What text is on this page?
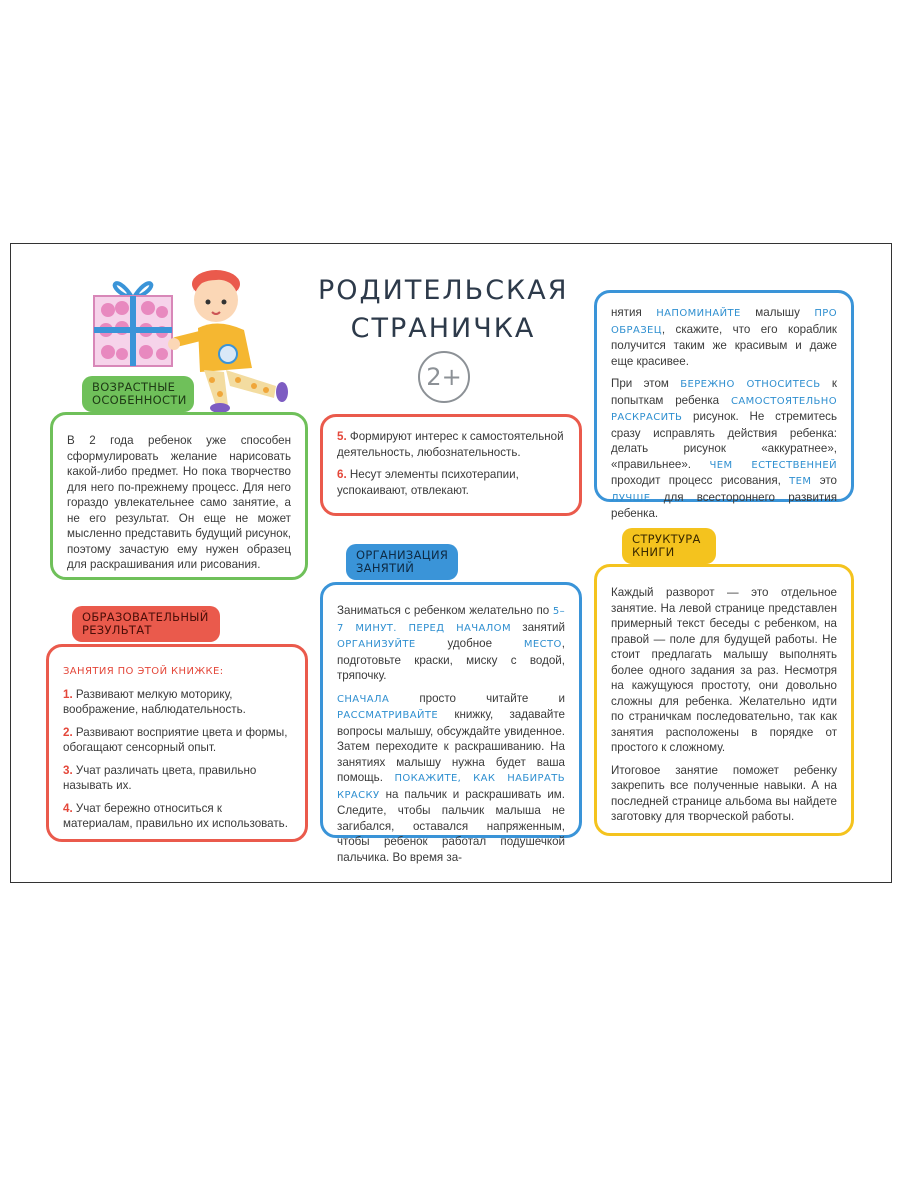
РОДИТЕЛЬСКАЯ
СТРАНИЧКА
2+

В 2 года ребенок уже способен сформулировать желание нарисовать какой-либо предмет. Но пока творчество для него по-прежнему процесс. Для него гораздо увлекательнее само занятие, а не его результат. Он еще не может мысленно представить будущий рисунок, поэтому зачастую ему нужен образец для раскрашивания или рисования.

ВОЗРАСТНЫЕ
ОСОБЕННОСТИ

ЗАНЯТИЯ ПО ЭТОЙ КНИЖКЕ:

1. Развивают мелкую моторику, воображение, наблюдательность.

2. Развивают восприятие цвета и формы, обогащают сенсорный опыт.

3. Учат различать цвета, правильно называть их.

4. Учат бережно относиться к материалам, правильно их использовать.

ОБРАЗОВАТЕЛЬНЫЙ
РЕЗУЛЬТАТ

5. Формируют интерес к самостоятельной деятельность, любознательность.

6. Несут элементы психотерапии, успокаивают, отвлекают.

Заниматься с ребенком желательно по 5–7 МИНУТ. ПЕРЕД НАЧАЛОМ занятий ОРГАНИЗУЙТЕ удобное МЕСТО, подготовьте краски, миску с водой, тряпочку.

СНАЧАЛА просто читайте и РАССМАТРИВАЙТЕ книжку, задавайте вопросы малышу, обсуждайте увиденное. Затем переходите к раскрашиванию. На занятиях малышу нужна будет ваша помощь. ПОКАЖИТЕ, КАК НАБИРАТЬ КРАСКУ на пальчик и раскрашивать им. Следите, чтобы пальчик малыша не загибался, оставался напряженным, чтобы ребенок работал подушечкой пальчика. Во время за-

ОРГАНИЗАЦИЯ
ЗАНЯТИЙ

нятия НАПОМИНАЙТЕ малышу ПРО ОБРАЗЕЦ, скажите, что его кораблик получится таким же красивым и даже еще красивее.

При этом БЕРЕЖНО ОТНОСИТЕСЬ к попыткам ребенка САМОСТОЯТЕЛЬНО РАСКРАСИТЬ рисунок. Не стремитесь сразу исправлять действия ребенка: делать рисунок «аккуратнее», «правильнее». ЧЕМ ЕСТЕСТВЕННЕЙ проходит процесс рисования, ТЕМ это ЛУЧШЕ для всестороннего развития ребенка.

Каждый разворот — это отдельное занятие. На левой странице представлен примерный текст беседы с ребенком, на правой — поле для будущей работы. Не стоит предлагать малышу выполнять более одного задания за раз. Несмотря на кажущуюся простоту, они довольно сложны для ребенка. Желательно идти по страничкам последовательно, так как занятия расположены в порядке от простого к сложному.

Итоговое занятие поможет ребенку закрепить все полученные навыки. А на последней странице альбома вы найдете заготовку для творческой работы.

СТРУКТУРА
КНИГИ
